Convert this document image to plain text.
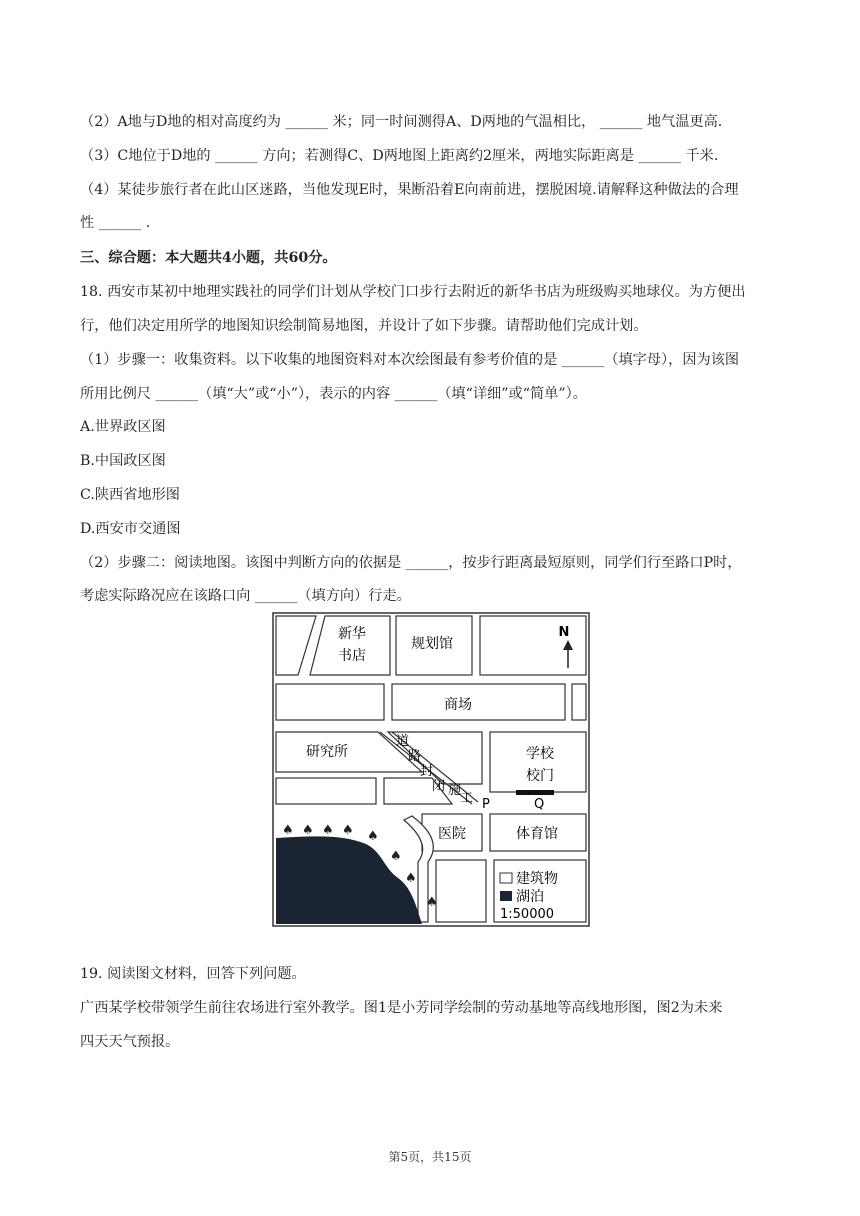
（2）A地与D地的相对高度约为 ______ 米；同一时间测得A、D两地的气温相比， ______ 地气温更高.
（3）C地位于D地的 ______ 方向；若测得C、D两地图上距离约2厘米，两地实际距离是 ______ 千米.
（4）某徒步旅行者在此山区迷路，当他发现E时，果断沿着E向南前进，摆脱困境.请解释这种做法的合理
性 ______ .
三、综合题：本大题共4小题，共60分。
18. 西安市某初中地理实践社的同学们计划从学校门口步行去附近的新华书店为班级购买地球仪。为方便出
行，他们决定用所学的地图知识绘制简易地图，并设计了如下步骤。请帮助他们完成计划。
（1）步骤一：收集资料。以下收集的地图资料对本次绘图最有参考价值的是 ______（填字母），因为该图
所用比例尺 ______（填“大”或“小”），表示的内容 ______（填“详细”或“简单”）。
A.世界政区图
B.中国政区图
C.陕西省地形图
D.西安市交通图
（2）步骤二：阅读地图。该图中判断方向的依据是 ______，按步行距离最短原则，同学们行至路口P时，
考虑实际路况应在该路口向 ______（填方向）行走。
♠ ♠ ♠ ♠ ♠
♠
♠
♠
新华
书店
规划馆
商场
研究所
道
路
封
闭 施
工
学校
校门
P	Q
医院	体育馆
N
建筑物
湖泊
1:50000
19. 阅读图文材料，回答下列问题。
广西某学校带领学生前往农场进行室外教学。图1是小芳同学绘制的劳动基地等高线地形图，图2为未来
四天天气预报。
第5页，共15页
